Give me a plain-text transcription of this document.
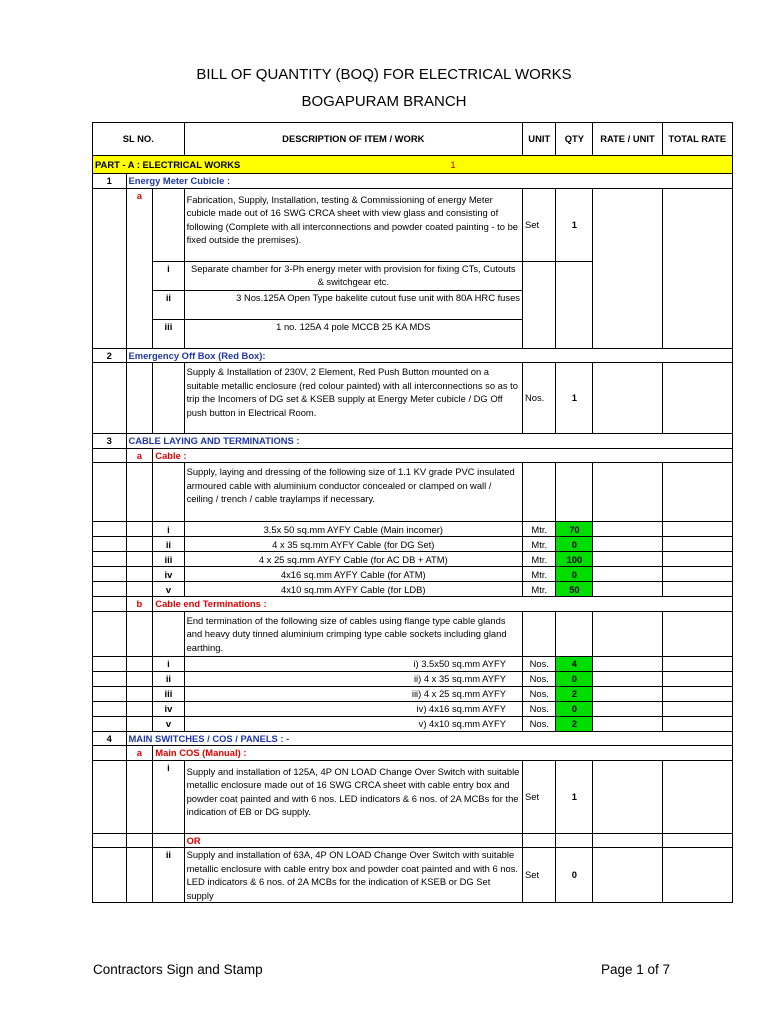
BILL OF QUANTITY (BOQ) FOR ELECTRICAL WORKS
BOGAPURAM BRANCH
SL NO.			DESCRIPTION OF ITEM / WORK	UNIT	QTY	RATE / UNIT	TOTAL RATE
PART - A : ELECTRICAL WORKS 1							
1	Energy Meter Cubicle :						
	a		Fabrication, Supply, Installation, testing & Commissioning of energy Meter cubicle made out of 16 SWG CRCA sheet with view glass and consisting of following (Complete with all interconnections and powder coated painting - to be fixed outside the premises).	Set	1		
		i	Separate chamber for 3-Ph energy meter with provision for fixing CTs, Cutouts & switchgear etc.				
		ii	3 Nos.125A Open Type bakelite cutout fuse unit with 80A HRC fuses				

		iii	1 no. 125A 4 pole MCCB 25 KA MDS				
2	Emergency Off Box (Red Box):						
			Supply & Installation of 230V, 2 Element, Red Push Button mounted on a suitable metallic enclosure (red colour painted) with all interconnections so as to trip the Incomers of DG set & KSEB supply at Energy Meter cubicle / DG Off push button in Electrical Room.	Nos.	1		
3	CABLE LAYING AND TERMINATIONS :						
	a	Cable :					
			Supply, laying and dressing of the following size of 1.1 KV grade PVC insulated armoured cable with aluminium conductor concealed or clamped on wall / ceiling / trench / cable traylamps if necessary.				
		i	3.5x 50 sq.mm AYFY Cable (Main incomer)	Mtr.	70		
		ii	4 x 35 sq.mm AYFY Cable (for DG Set)	Mtr.	0		
		iii	4 x 25 sq.mm AYFY Cable (for AC DB + ATM)	Mtr.	100		
		iv	4x16 sq.mm AYFY Cable (for ATM)	Mtr.	0		
		v	4x10 sq.mm AYFY Cable (for LDB)	Mtr.	50		
	b	Cable end Terminations :					
			End termination of the following size of cables using flange type cable glands and heavy duty tinned aluminium crimping type cable sockets including gland earthing.				
		i	i) 3.5x50 sq.mm AYFY	Nos.	4		
		ii	ii) 4 x 35 sq.mm AYFY	Nos.	0		
		iii	iii) 4 x 25 sq.mm AYFY	Nos.	2		
		iv	iv) 4x16 sq.mm AYFY	Nos.	0		
		v	v) 4x10 sq.mm AYFY	Nos.	2		
4	MAIN SWITCHES / COS / PANELS : -						
	a	Main COS (Manual) :					
		i	Supply and installation of 125A, 4P ON LOAD Change Over Switch with suitable metallic enclosure made out of 16 SWG CRCA sheet with cable entry box and powder coat painted and with 6 nos. LED indicators & 6 nos. of 2A MCBs for the indication of EB or DG supply.	Set	1		
			OR				
		ii	Supply and installation of 63A, 4P ON LOAD Change Over Switch with suitable metallic enclosure with cable entry box and powder coat painted and with 6 nos. LED indicators & 6 nos. of 2A MCBs for the indication of KSEB or DG Set supply	Set	0		
Contractors Sign and Stamp	Page 1 of 7
